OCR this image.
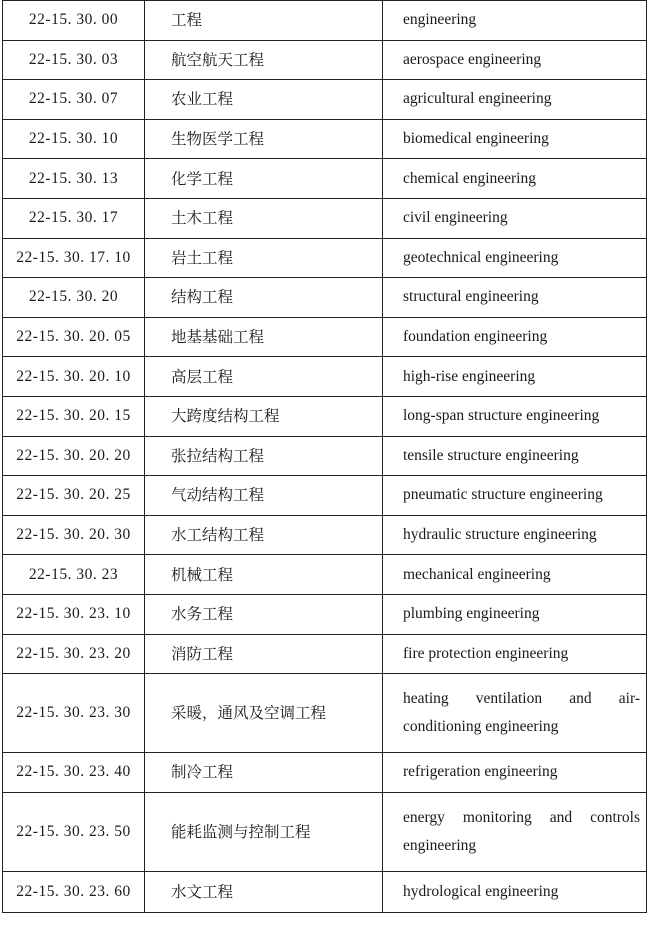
22-15. 30. 00	工程	engineering
22-15. 30. 03	航空航天工程	aerospace engineering
22-15. 30. 07	农业工程	agricultural engineering
22-15. 30. 10	生物医学工程	biomedical engineering
22-15. 30. 13	化学工程	chemical engineering
22-15. 30. 17	土木工程	civil engineering
22-15. 30. 17. 10	岩土工程	geotechnical engineering
22-15. 30. 20	结构工程	structural engineering
22-15. 30. 20. 05	地基基础工程	foundation engineering
22-15. 30. 20. 10	高层工程	high-rise engineering
22-15. 30. 20. 15	大跨度结构工程	long-span structure engineering
22-15. 30. 20. 20	张拉结构工程	tensile structure engineering
22-15. 30. 20. 25	气动结构工程	pneumatic structure engineering
22-15. 30. 20. 30	水工结构工程	hydraulic structure engineering
22-15. 30. 23	机械工程	mechanical engineering
22-15. 30. 23. 10	水务工程	plumbing engineering
22-15. 30. 23. 20	消防工程	fire protection engineering
22-15. 30. 23. 30	采暖，通风及空调工程	heating ventilation and air-conditioning engineering
22-15. 30. 23. 40	制冷工程	refrigeration engineering
22-15. 30. 23. 50	能耗监测与控制工程	energy monitoring and controls engineering
22-15. 30. 23. 60	水文工程	hydrological engineering
